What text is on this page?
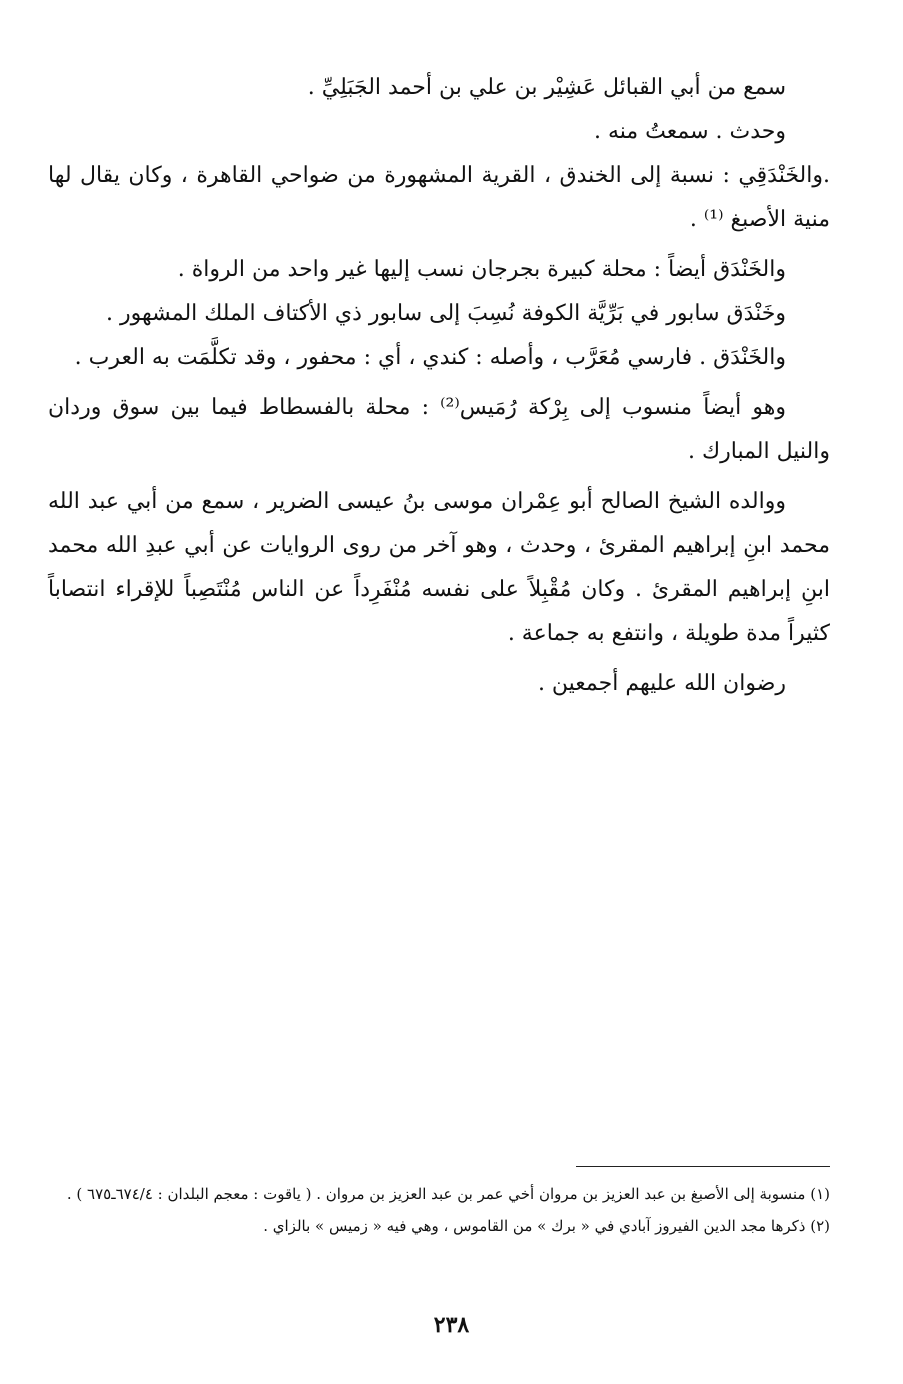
سمع من أبي القبائل عَشِيْر بن علي بن أحمد الجَبَلِيِّ .

وحدث . سمعتُ منه .

.والخَنْدَقِي : نسبة إلى الخندق ، القرية المشهورة من ضواحي القاهرة ، وكان يقال لها منية الأصبغ ⁽¹⁾ .

والخَنْدَق أيضاً : محلة كبيرة بجرجان نسب إليها غير واحد من الرواة .

وخَنْدَق سابور في بَرِّيَّة الكوفة نُسِبَ إلى سابور ذي الأكتاف الملك المشهور .

والخَنْدَق . فارسي مُعَرَّب ، وأصله : كندي ، أي : محفور ، وقد تكلَّمَت به العرب .

وهو أيضاً منسوب إلى بِرْكة رُمَيس⁽²⁾ : محلة بالفسطاط فيما بين سوق وردان والنيل المبارك .

ووالده الشيخ الصالح أبو عِمْران موسى بنُ عيسى الضرير ، سمع من أبي عبد الله محمد ابنِ إبراهيم المقرئ ، وحدث ، وهو آخر من روى الروايات عن أبي عبدِ الله محمد ابنِ إبراهيم المقرئ . وكان مُقْبِلاً على نفسه مُنْفَرِداً عن الناس مُنْتَصِباً للإقراء انتصاباً كثيراً مدة طويلة ، وانتفع به جماعة .

رضوان الله عليهم أجمعين .

(١) منسوبة إلى الأصبغ بن عبد العزيز بن مروان أخي عمر بن عبد العزيز بن مروان . ( ياقوت : معجم البلدان : ٦٧٤/٤ـ٦٧٥ ) .

(٢) ذكرها مجد الدين الفيروز آبادي في « برك » من القاموس ، وهي فيه « زميس » بالزاي .

٢٣٨
